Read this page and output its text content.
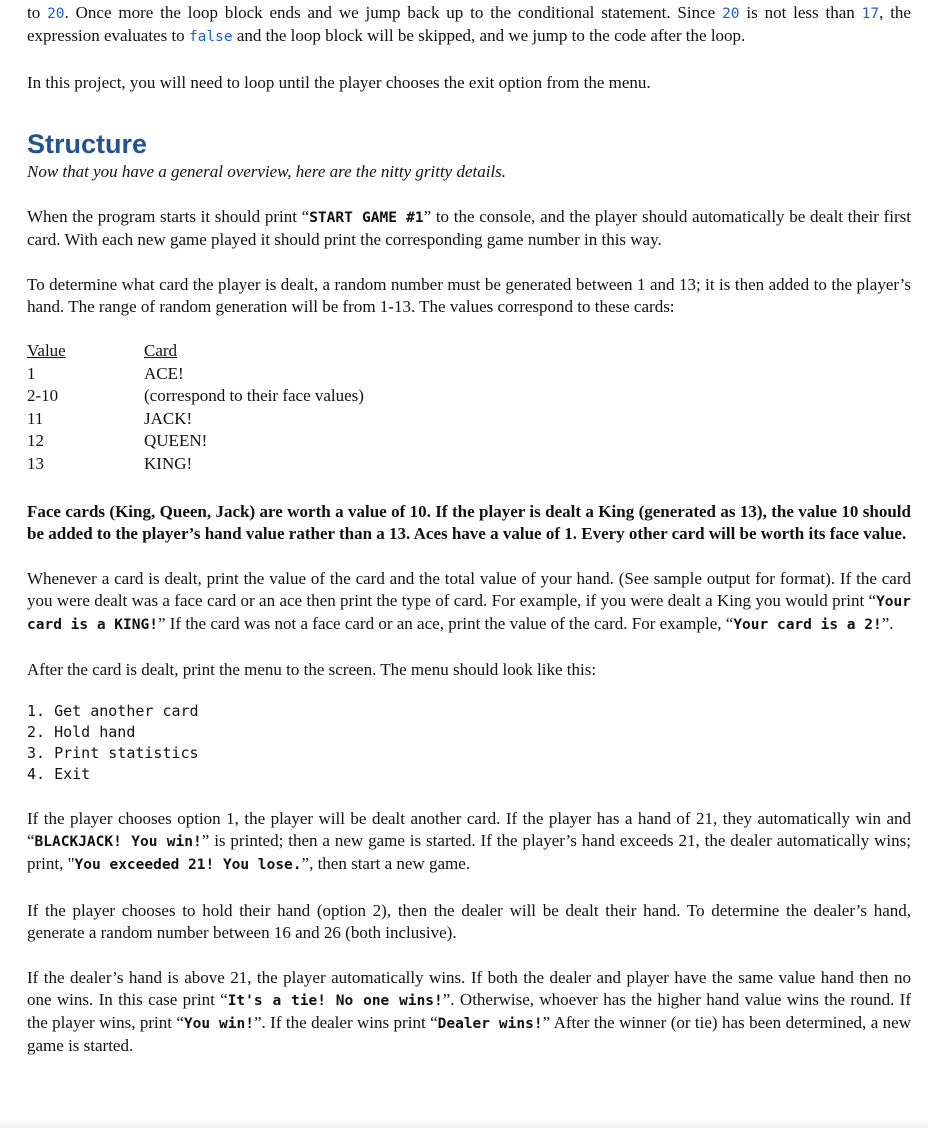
to 20. Once more the loop block ends and we jump back up to the conditional statement. Since 20 is not less than 17, the expression evaluates to false and the loop block will be skipped, and we jump to the code after the loop.

In this project, you will need to loop until the player chooses the exit option from the menu.

Structure

Now that you have a general overview, here are the nitty gritty details.

When the program starts it should print “START GAME #1” to the console, and the player should automatically be dealt their first card. With each new game played it should print the corresponding game number in this way.

To determine what card the player is dealt, a random number must be generated between 1 and 13; it is then added to the player’s hand. The range of random generation will be from 1-13. The values correspond to these cards:

Value	Card
1	ACE!
2-10	(correspond to their face values)
11	JACK!
12	QUEEN!
13	KING!

Face cards (King, Queen, Jack) are worth a value of 10. If the player is dealt a King (generated as 13), the value 10 should be added to the player’s hand value rather than a 13. Aces have a value of 1. Every other card will be worth its face value.

Whenever a card is dealt, print the value of the card and the total value of your hand. (See sample output for format). If the card you were dealt was a face card or an ace then print the type of card. For example, if you were dealt a King you would print “Your card is a KING!” If the card was not a face card or an ace, print the value of the card. For example, “Your card is a 2!”.

After the card is dealt, print the menu to the screen. The menu should look like this:

1. Get another card
2. Hold hand
3. Print statistics
4. Exit

If the player chooses option 1, the player will be dealt another card. If the player has a hand of 21, they automatically win and “BLACKJACK! You win!” is printed; then a new game is started. If the player’s hand exceeds 21, the dealer automatically wins; print, "You exceeded 21! You lose.”, then start a new game.

If the player chooses to hold their hand (option 2), then the dealer will be dealt their hand. To determine the dealer’s hand, generate a random number between 16 and 26 (both inclusive).

If the dealer’s hand is above 21, the player automatically wins. If both the dealer and player have the same value hand then no one wins. In this case print “It's a tie! No one wins!”. Otherwise, whoever has the higher hand value wins the round. If the player wins, print “You win!”. If the dealer wins print “Dealer wins!” After the winner (or tie) has been determined, a new game is started.
